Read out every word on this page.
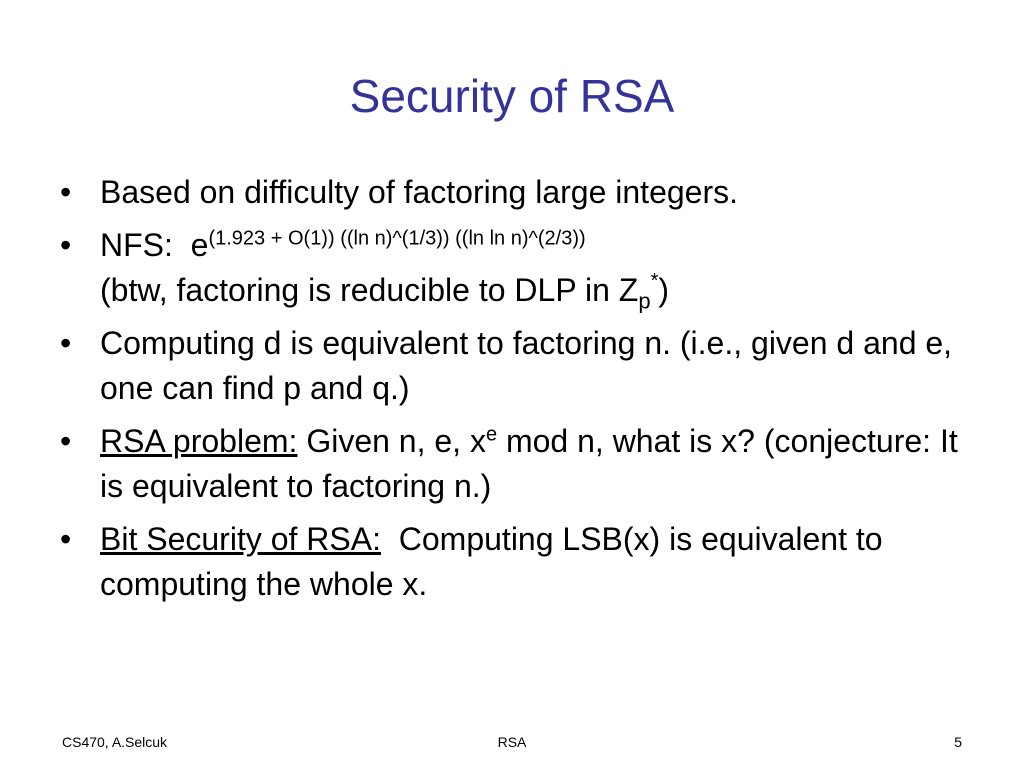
Security of RSA
• Based on difficulty of factoring large integers.
• NFS:  $e^{(1.923 + O(1)) ((ln n)\^{}(1/3)) ((ln ln n)\^{}(2/3))}$
(btw, factoring is reducible to DLP in $Z_p^*$)
• Computing d is equivalent to factoring n. (i.e., given d and e, one can find p and q.)
• RSA problem: Given n, e, $x^e$ mod n, what is x? (conjecture: It is equivalent to factoring n.)
• Bit Security of RSA:  Computing LSB(x) is equivalent to computing the whole x.
CS470, A.Selcuk	RSA	5
